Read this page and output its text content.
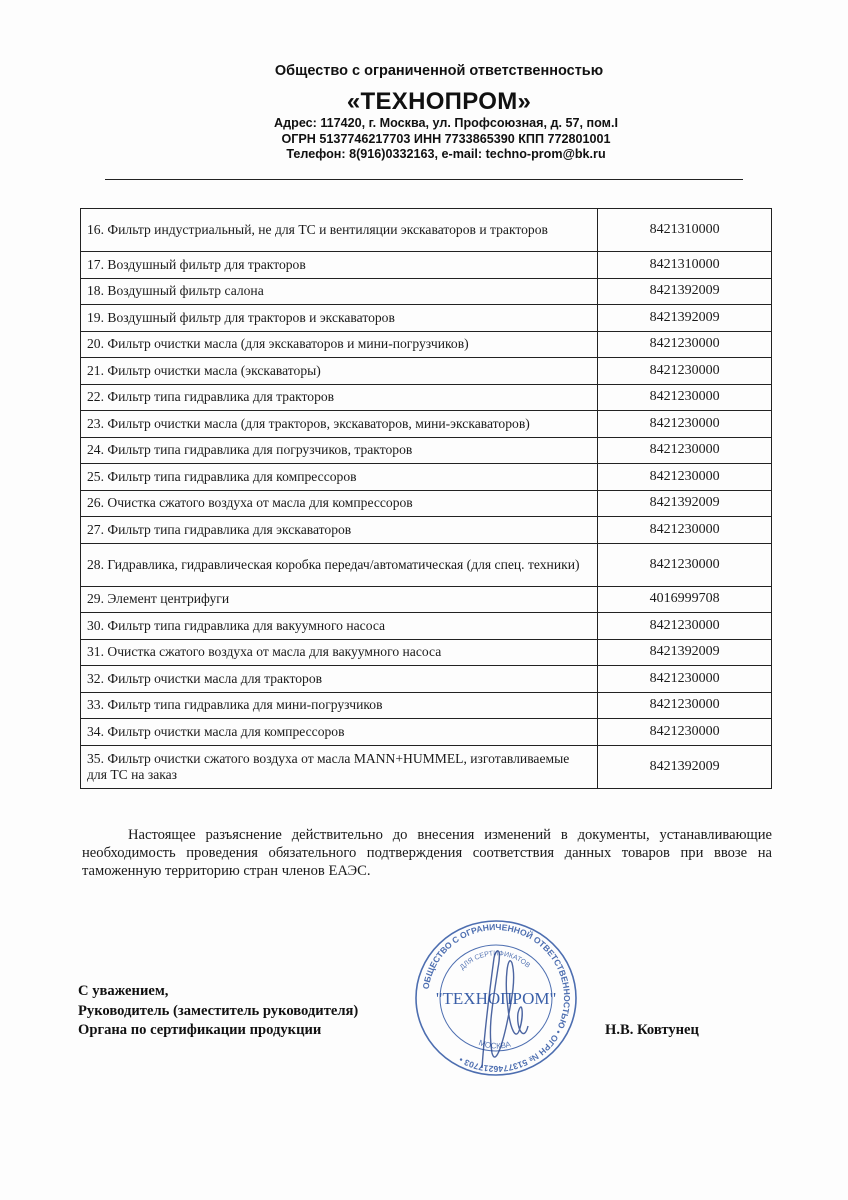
Общество с ограниченной ответственностью
«ТЕХНОПРОМ»
Адрес: 117420, г. Москва, ул. Профсоюзная, д. 57, пом.I
ОГРН 5137746217703 ИНН 7733865390 КПП 772801001
Телефон: 8(916)0332163, e-mail: techno-prom@bk.ru
16. Фильтр индустриальный, не для ТС и вентиляции экскаваторов и тракторов	8421310000
17. Воздушный фильтр для тракторов	8421310000
18. Воздушный фильтр салона	8421392009
19. Воздушный фильтр для тракторов и экскаваторов	8421392009
20. Фильтр очистки масла (для экскаваторов и мини-погрузчиков)	8421230000
21. Фильтр очистки масла (экскаваторы)	8421230000
22. Фильтр типа гидравлика для тракторов	8421230000
23. Фильтр очистки масла (для тракторов, экскаваторов, мини-экскаваторов)	8421230000
24. Фильтр типа гидравлика для погрузчиков, тракторов	8421230000
25. Фильтр типа гидравлика для компрессоров	8421230000
26. Очистка сжатого воздуха от масла для компрессоров	8421392009
27. Фильтр типа гидравлика для экскаваторов	8421230000
28. Гидравлика, гидравлическая коробка передач/автоматическая (для спец. техники)	8421230000
29. Элемент центрифуги	4016999708
30. Фильтр типа гидравлика для вакуумного насоса	8421230000
31. Очистка сжатого воздуха от масла для вакуумного насоса	8421392009
32. Фильтр очистки масла для тракторов	8421230000
33. Фильтр типа гидравлика для мини-погрузчиков	8421230000
34. Фильтр очистки масла для компрессоров	8421230000
35. Фильтр очистки сжатого воздуха от масла MANN+HUMMEL, изготавливаемые для ТС на заказ	8421392009
Настоящее разъяснение действительно до внесения изменений в документы, устанавливающие необходимость проведения обязательного подтверждения соответствия данных товаров при ввозе на таможенную территорию стран членов ЕАЭС.
С уважением,
Руководитель (заместитель руководителя)
Органа по сертификации продукции	Н.В. Ковтунец
ОБЩЕСТВО С ОГРАНИЧЕННОЙ ОТВЕТСТВЕННОСТЬЮ • ОГРН № 5137746217703 •
ДЛЯ СЕРТИФИКАТОВ
МОСКВА
"ТЕХНОПРОМ"
